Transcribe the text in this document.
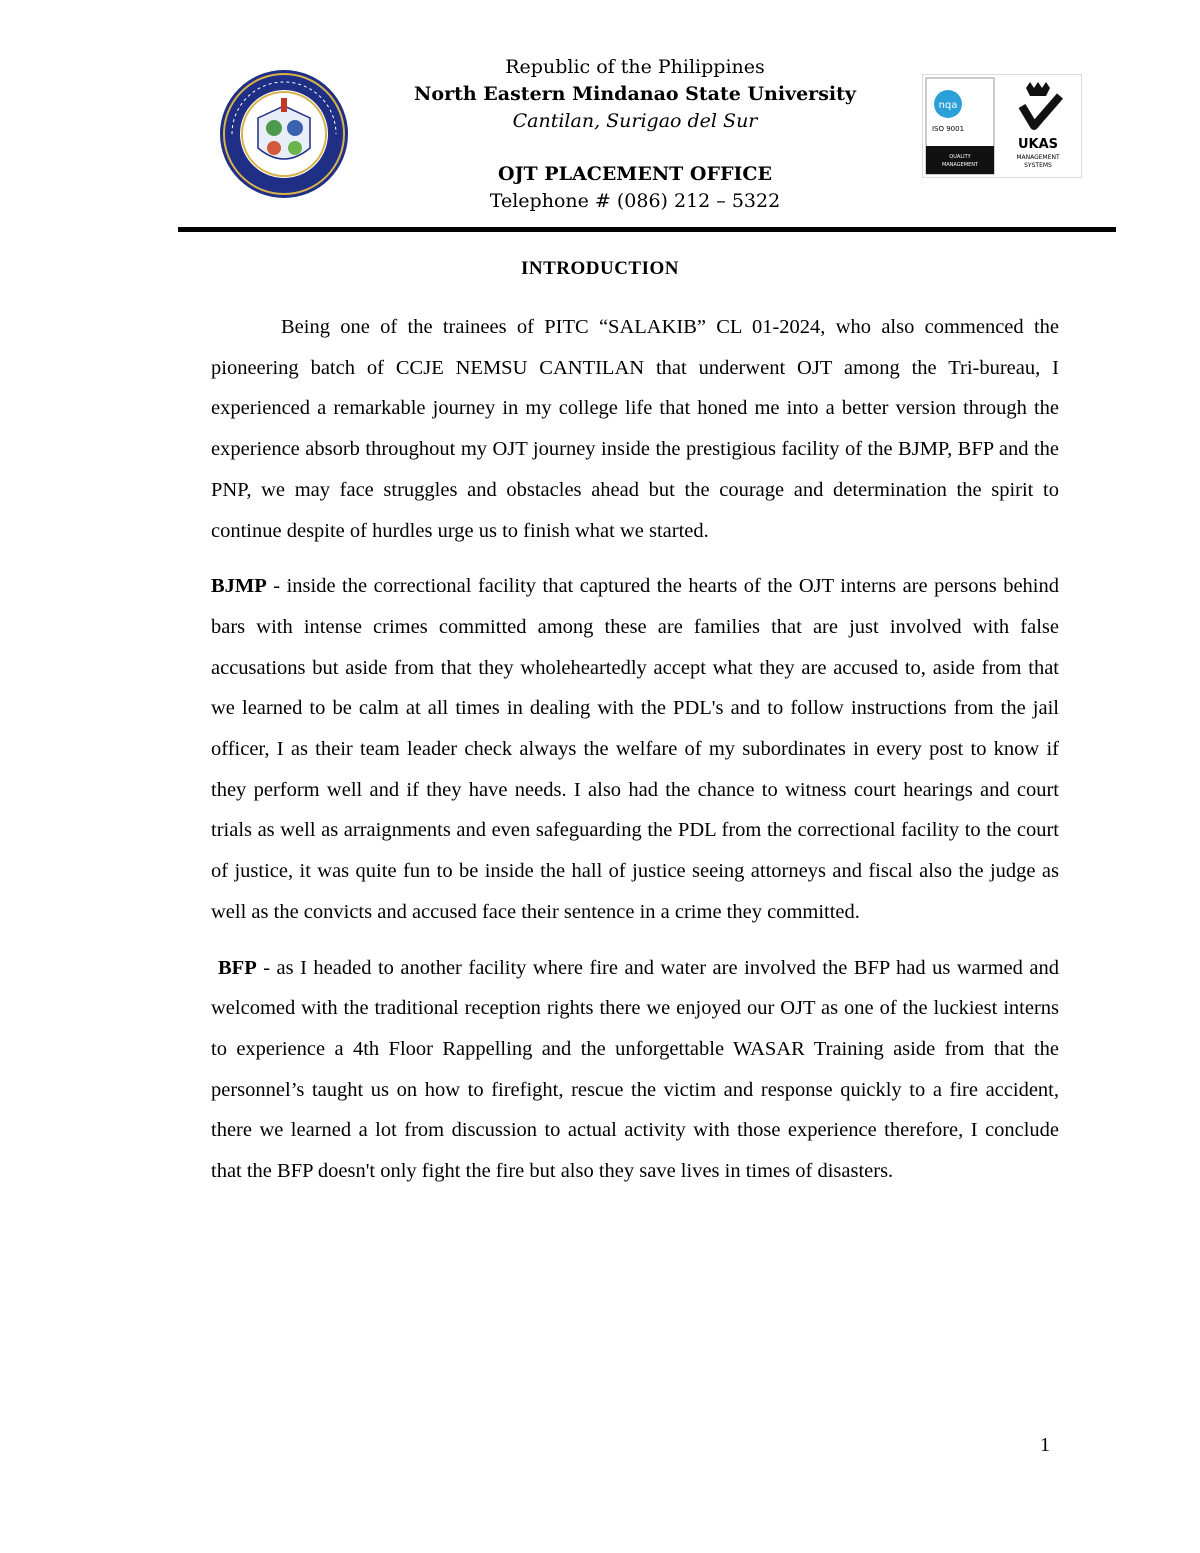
Republic of the Philippines
North Eastern Mindanao State University
Cantilan, Surigao del Sur
OJT PLACEMENT OFFICE
Telephone # (086) 212 – 5322
nqa
ISO 9001
QUALITY
MANAGEMENT
UKAS
MANAGEMENT
SYSTEMS
INTRODUCTION

Being one of the trainees of PITC “SALAKIB” CL 01-2024, who also commenced the pioneering batch of CCJE NEMSU CANTILAN that underwent OJT among the Tri-bureau, I experienced a remarkable journey in my college life that honed me into a better version through the experience absorb throughout my OJT journey inside the prestigious facility of the BJMP, BFP and the PNP, we may face struggles and obstacles ahead but the courage and determination the spirit to continue despite of hurdles urge us to finish what we started.

BJMP - inside the correctional facility that captured the hearts of the OJT interns are persons behind bars with intense crimes committed among these are families that are just involved with false accusations but aside from that they wholeheartedly accept what they are accused to, aside from that we learned to be calm at all times in dealing with the PDL's and to follow instructions from the jail officer, I as their team leader check always the welfare of my subordinates in every post to know if they perform well and if they have needs. I also had the chance to witness court hearings and court trials as well as arraignments and even safeguarding the PDL from the correctional facility to the court of justice, it was quite fun to be inside the hall of justice seeing attorneys and fiscal also the judge as well as the convicts and accused face their sentence in a crime they committed.

BFP - as I headed to another facility where fire and water are involved the BFP had us warmed and welcomed with the traditional reception rights there we enjoyed our OJT as one of the luckiest interns to experience a 4th Floor Rappelling and the unforgettable WASAR Training aside from that the personnel’s taught us on how to firefight, rescue the victim and response quickly to a fire accident, there we learned a lot from discussion to actual activity with those experience therefore, I conclude that the BFP doesn't only fight the fire but also they save lives in times of disasters.

1
